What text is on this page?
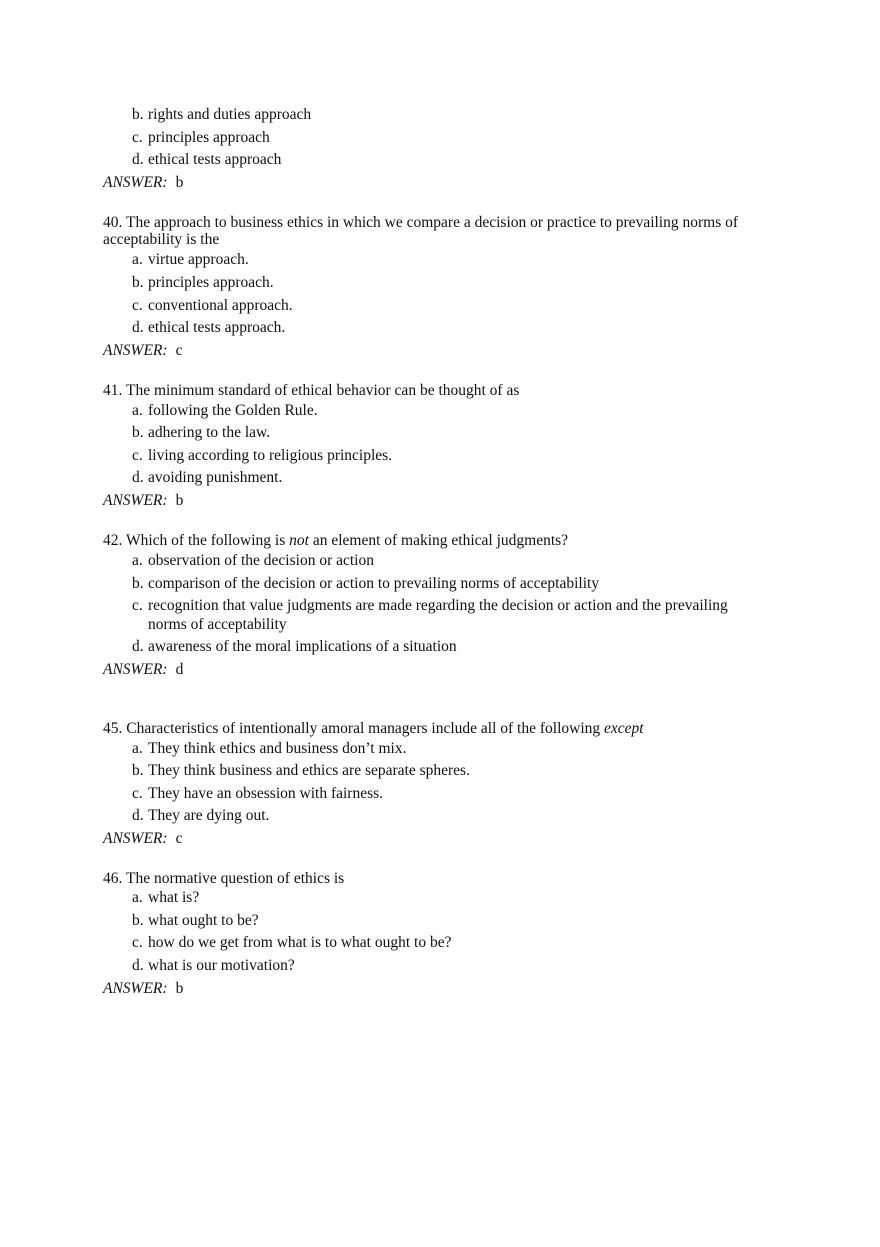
b. rights and duties approach
c. principles approach
d. ethical tests approach
ANSWER: b
40. The approach to business ethics in which we compare a decision or practice to prevailing norms of
acceptability is the
a. virtue approach.
b. principles approach.
c. conventional approach.
d. ethical tests approach.
ANSWER: c
41. The minimum standard of ethical behavior can be thought of as
a. following the Golden Rule.
b. adhering to the law.
c. living according to religious principles.
d. avoiding punishment.
ANSWER: b
42. Which of the following is not an element of making ethical judgments?
a. observation of the decision or action
b. comparison of the decision or action to prevailing norms of acceptability
c. recognition that value judgments are made regarding the decision or action and the prevailing
norms of acceptability
d. awareness of the moral implications of a situation
ANSWER: d
45. Characteristics of intentionally amoral managers include all of the following except
a. They think ethics and business don’t mix.
b. They think business and ethics are separate spheres.
c. They have an obsession with fairness.
d. They are dying out.
ANSWER: c
46. The normative question of ethics is
a. what is?
b. what ought to be?
c. how do we get from what is to what ought to be?
d. what is our motivation?
ANSWER: b
